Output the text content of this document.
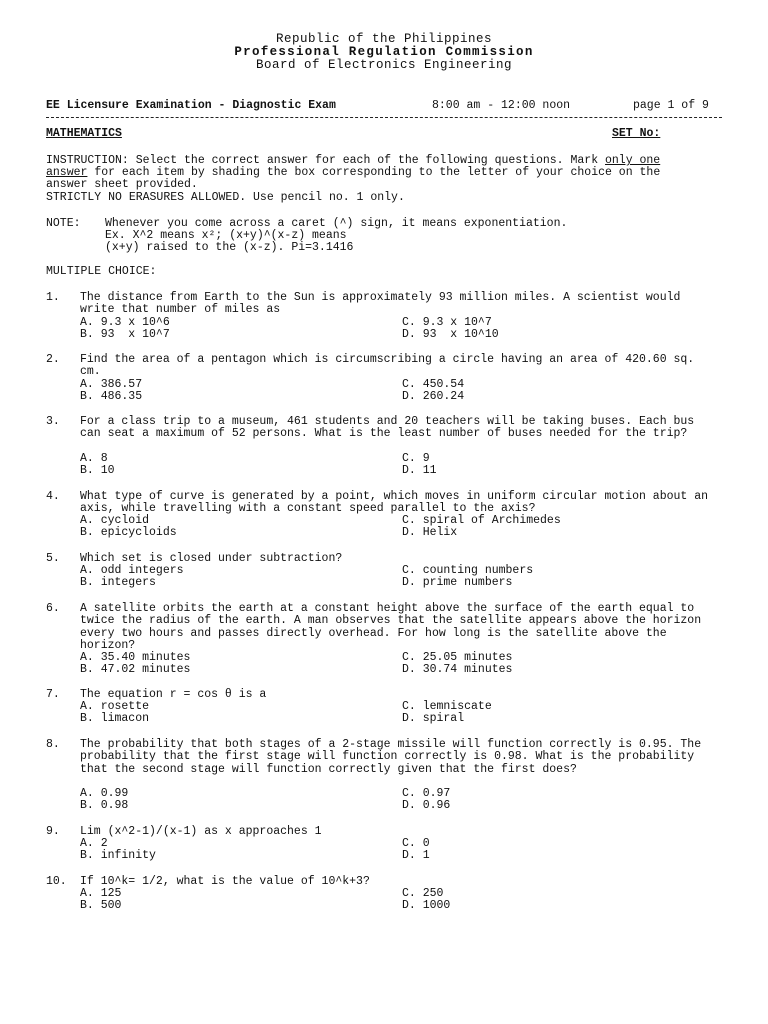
Republic of the Philippines
Professional Regulation Commission
Board of Electronics Engineering
EE Licensure Examination - Diagnostic Exam	8:00 am - 12:00 noon	page 1 of 9
MATHEMATICS	SET No:
INSTRUCTION: Select the correct answer for each of the following questions. Mark only one
answer for each item by shading the box corresponding to the letter of your choice on the
answer sheet provided.
STRICTLY NO ERASURES ALLOWED. Use pencil no. 1 only.
NOTE: Whenever you come across a caret (^) sign, it means exponentiation.
Ex. X^2 means x²; (x+y)^(x-z) means
(x+y) raised to the (x-z). Pi=3.1416
MULTIPLE CHOICE:
1. The distance from Earth to the Sun is approximately 93 million miles. A scientist would write that number of miles as
A. 9.3 x 10^6
B. 93  x 10^7
C. 9.3 x 10^7
D. 93  x 10^10
2. Find the area of a pentagon which is circumscribing a circle having an area of 420.60 sq. cm.
A. 386.57
B. 486.35
C. 450.54
D. 260.24
3. For a class trip to a museum, 461 students and 20 teachers will be taking buses. Each bus can seat a maximum of 52 persons. What is the least number of buses needed for the trip?
A. 8
B. 10
C. 9
D. 11
4. What type of curve is generated by a point, which moves in uniform circular motion about an axis, while travelling with a constant speed parallel to the axis?
A. cycloid
B. epicycloids
C. spiral of Archimedes
D. Helix
5. Which set is closed under subtraction?
A. odd integers
B. integers
C. counting numbers
D. prime numbers
6. A satellite orbits the earth at a constant height above the surface of the earth equal to twice the radius of the earth. A man observes that the satellite appears above the horizon every two hours and passes directly overhead. For how long is the satellite above the horizon?
A. 35.40 minutes
B. 47.02 minutes
C. 25.05 minutes
D. 30.74 minutes
7. The equation r = cos θ is a
A. rosette
B. limacon
C. lemniscate
D. spiral
8. The probability that both stages of a 2-stage missile will function correctly is 0.95. The probability that the first stage will function correctly is 0.98. What is the probability that the second stage will function correctly given that the first does?
A. 0.99
B. 0.98
C. 0.97
D. 0.96
9. Lim (x^2-1)/(x-1) as x approaches 1
A. 2
B. infinity
C. 0
D. 1
10. If 10^k= 1/2, what is the value of 10^k+3?
A. 125
B. 500
C. 250
D. 1000
